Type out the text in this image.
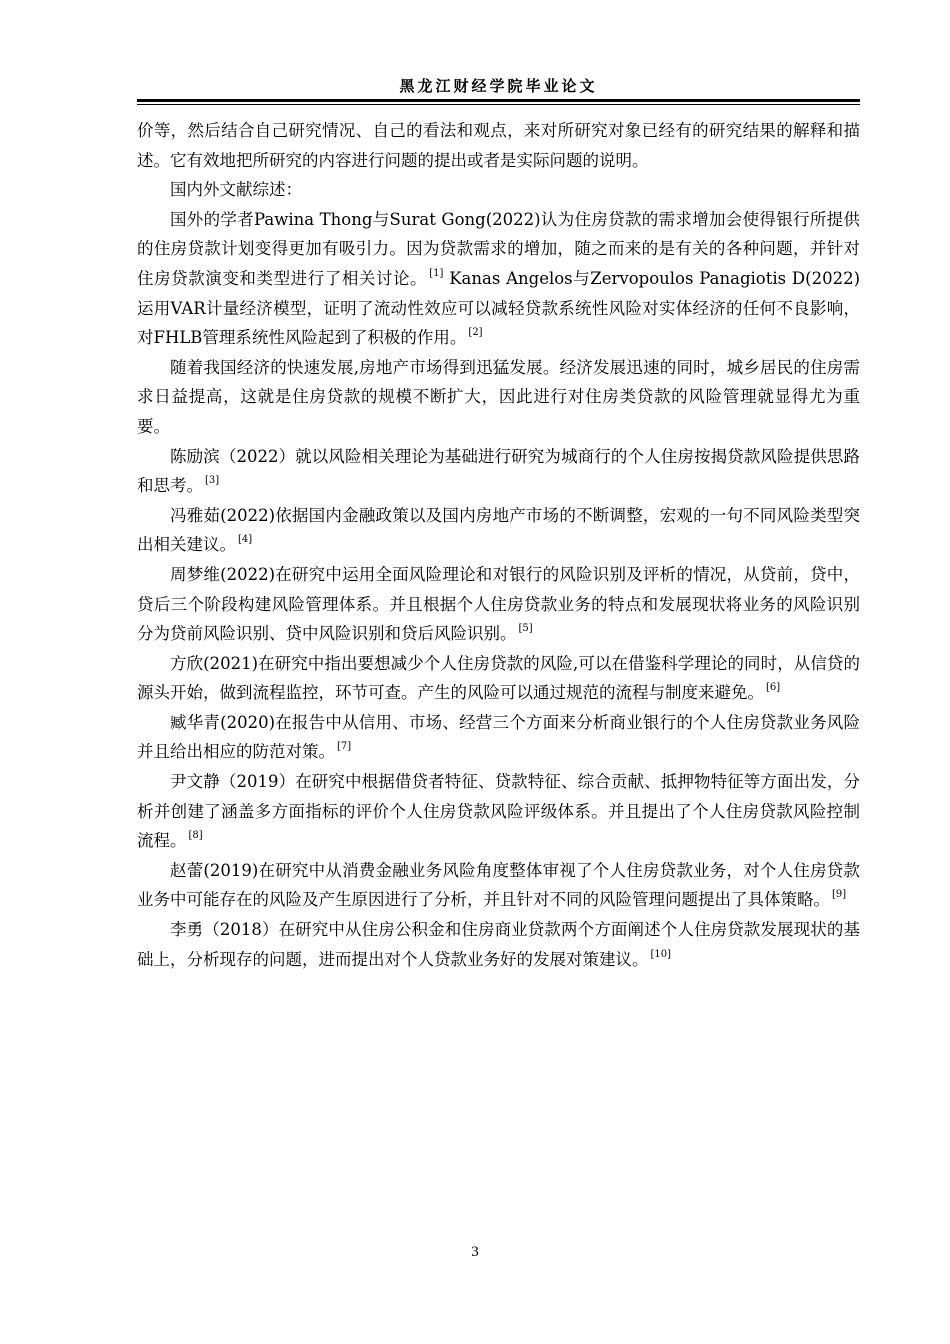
黑龙江财经学院毕业论文

价等，然后结合自己研究情况、自己的看法和观点，来对所研究对象已经有的研究结果的解释和描述。它有效地把所研究的内容进行问题的提出或者是实际问题的说明。

国内外文献综述：

国外的学者Pawina Thong与Surat Gong(2022)认为住房贷款的需求增加会使得银行所提供的住房贷款计划变得更加有吸引力。因为贷款需求的增加，随之而来的是有关的各种问题，并针对住房贷款演变和类型进行了相关讨论。 [1] Kanas Angelos与Zervopoulos Panagiotis D(2022)运用VAR计量经济模型，证明了流动性效应可以减轻贷款系统性风险对实体经济的任何不良影响，对FHLB管理系统性风险起到了积极的作用。 [2]

随着我国经济的快速发展,房地产市场得到迅猛发展。经济发展迅速的同时，城乡居民的住房需求日益提高，这就是住房贷款的规模不断扩大，因此进行对住房类贷款的风险管理就显得尤为重要。

陈励滨（2022）就以风险相关理论为基础进行研究为城商行的个人住房按揭贷款风险提供思路和思考。 [3]

冯雅茹(2022)依据国内金融政策以及国内房地产市场的不断调整，宏观的一句不同风险类型突出相关建议。 [4]

周梦维(2022)在研究中运用全面风险理论和对银行的风险识别及评析的情况，从贷前，贷中，贷后三个阶段构建风险管理体系。并且根据个人住房贷款业务的特点和发展现状将业务的风险识别分为贷前风险识别、贷中风险识别和贷后风险识别。 [5]

方欣(2021)在研究中指出要想减少个人住房贷款的风险,可以在借鉴科学理论的同时，从信贷的源头开始，做到流程监控，环节可查。产生的风险可以通过规范的流程与制度来避免。 [6]

臧华青(2020)在报告中从信用、市场、经营三个方面来分析商业银行的个人住房贷款业务风险并且给出相应的防范对策。 [7]

尹文静（2019）在研究中根据借贷者特征、贷款特征、综合贡献、抵押物特征等方面出发，分析并创建了涵盖多方面指标的评价个人住房贷款风险评级体系。并且提出了个人住房贷款风险控制流程。 [8]

赵蕾(2019)在研究中从消费金融业务风险角度整体审视了个人住房贷款业务，对个人住房贷款业务中可能存在的风险及产生原因进行了分析，并且针对不同的风险管理问题提出了具体策略。 [9]

李勇（2018）在研究中从住房公积金和住房商业贷款两个方面阐述个人住房贷款发展现状的基础上，分析现存的问题，进而提出对个人贷款业务好的发展对策建议。 [10]

3
